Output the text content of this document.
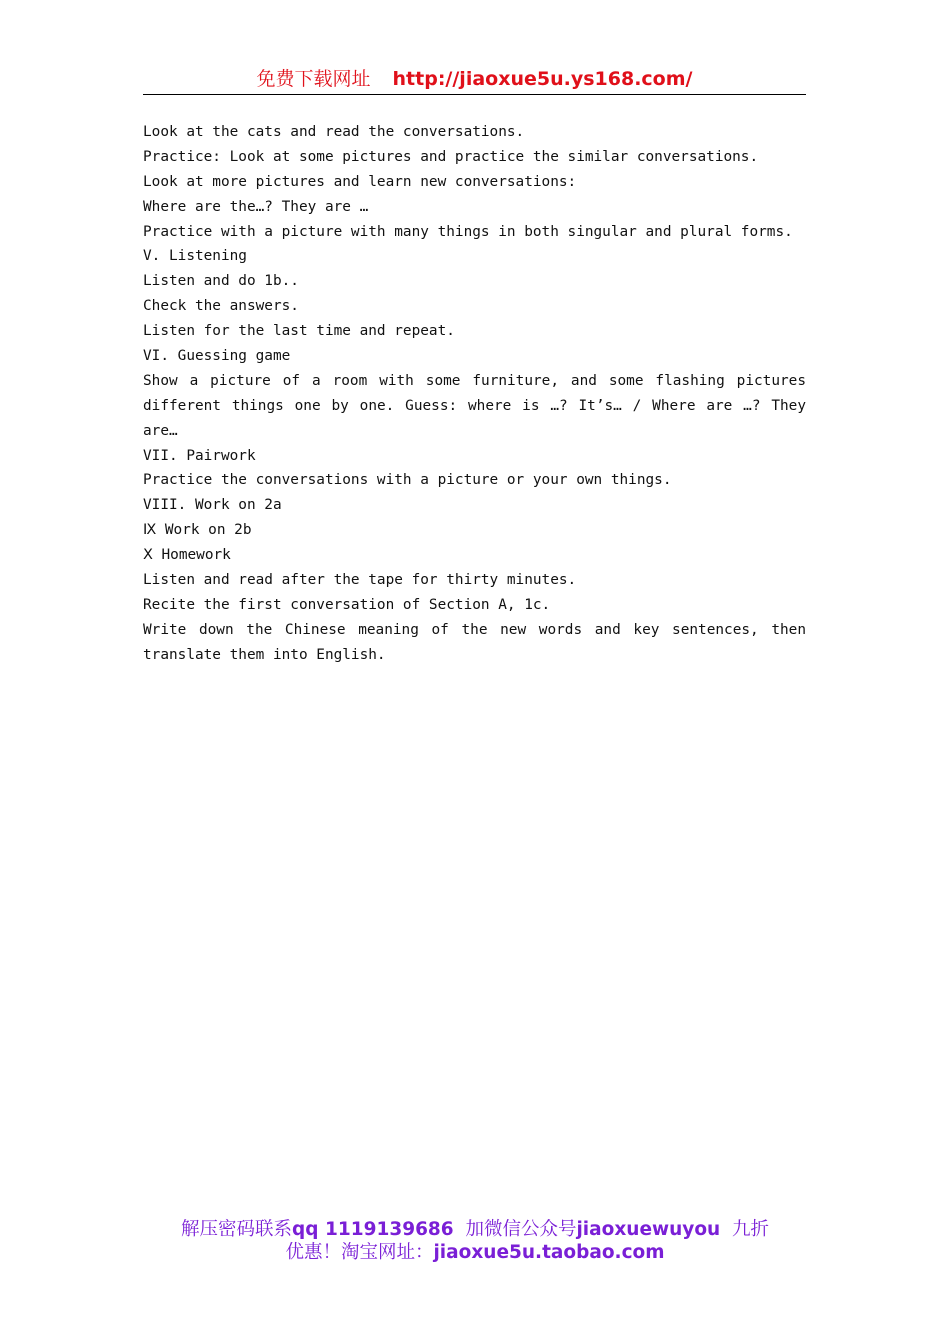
免费下载网址 http://jiaoxue5u.ys168.com/
Look at the cats and read the conversations.
Practice: Look at some pictures and practice the similar conversations.
Look at more pictures and learn new conversations:
Where are the…? They are …
Practice with a picture with many things in both singular and plural forms.
V. Listening
Listen and do 1b..
Check the answers.
Listen for the last time and repeat.
VI. Guessing game
Show a picture of a room with some furniture, and some flashing pictures
different things one by one. Guess: where is …? It’s… / Where are …? They
are…
VII. Pairwork
Practice the conversations with a picture or your own things.
VIII. Work on 2a
Ⅸ Work on 2b
Ⅹ Homework
Listen and read after the tape for thirty minutes.
Recite the first conversation of Section A, 1c.
Write down the Chinese meaning of the new words and key sentences, then
translate them into English.
解压密码联系qq 1119139686 加微信公众号jiaoxuewuyou 九折
优惠！淘宝网址：jiaoxue5u.taobao.com
